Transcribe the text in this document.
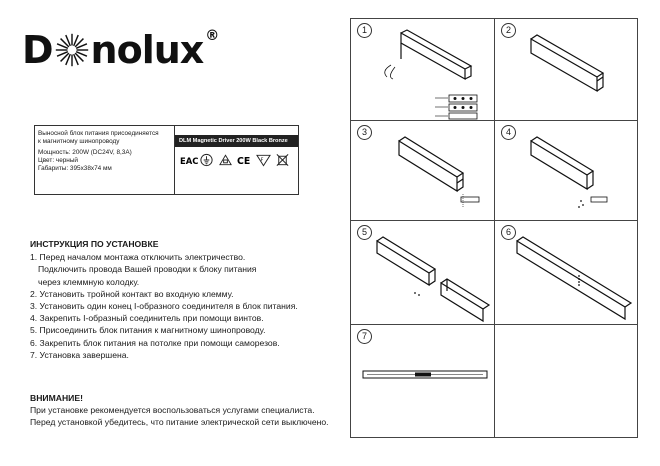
D nolux®
Выносной блок питания присоединяется
к магнитному шинопроводу
Мощность: 200W (DC24V, 8,3A)
Цвет: черный
Габариты: 395х38х74 мм
DLM Magnetic Driver 200W Black Bronze
EAC	CE F
ИНСТРУКЦИЯ ПО УСТАНОВКЕ
1. Перед началом монтажа отключить электричество.
Подключить провода Вашей проводки к блоку питания
через клеммную колодку.
2. Установить тройной контакт во входную клемму.
3. Установить один конец I-образного соединителя в блок питания.
4. Закрепить I-образный соединитель при помощи винтов.
5. Присоединить блок питания к магнитному шинопроводу.
6. Закрепить блок питания на потолке при помощи саморезов.
7. Установка завершена.
ВНИМАНИЕ!
При установке рекомендуется воспользоваться услугами специалиста.
Перед установкой убедитесь, что питание электрической сети выключено.
1	2
3	4
5	6
7
